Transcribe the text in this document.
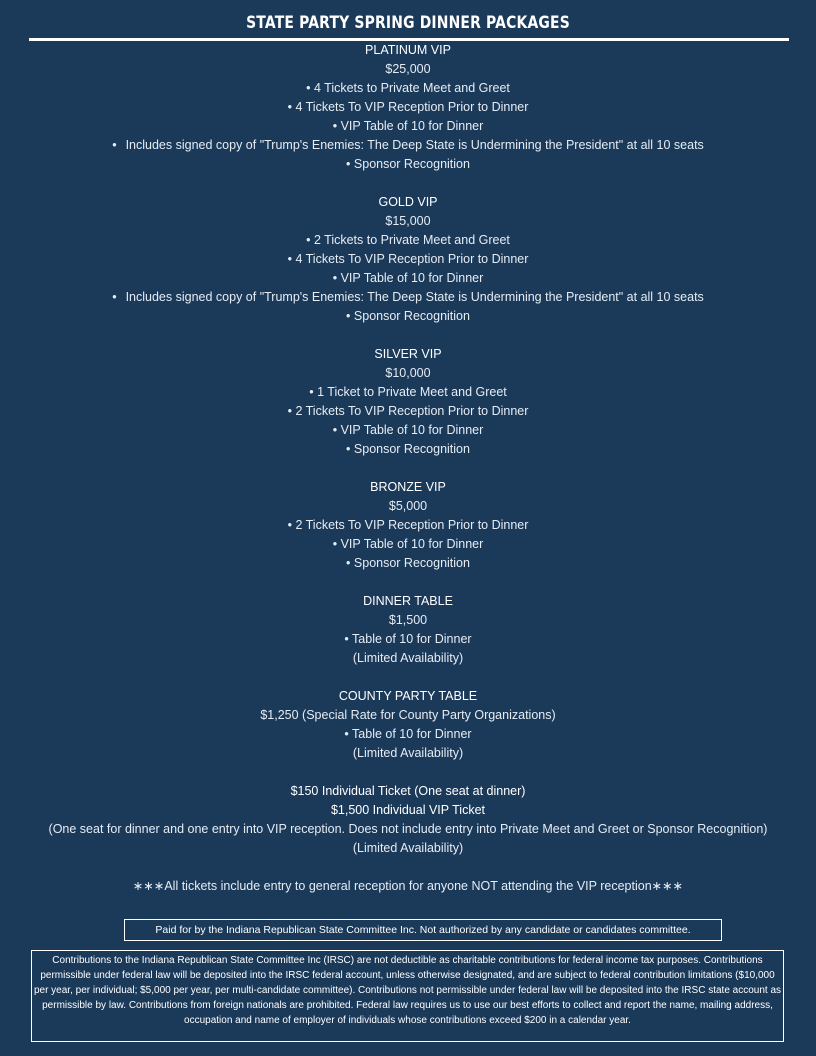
STATE PARTY SPRING DINNER PACKAGES
PLATINUM VIP
$25,000
• 4 Tickets to Private Meet and Greet
• 4 Tickets To VIP Reception Prior to Dinner
• VIP Table of 10 for Dinner
• Includes signed copy of "Trump's Enemies: The Deep State is Undermining the President" at all 10 seats
• Sponsor Recognition
GOLD VIP
$15,000
• 2 Tickets to Private Meet and Greet
• 4 Tickets To VIP Reception Prior to Dinner
• VIP Table of 10 for Dinner
• Includes signed copy of "Trump's Enemies: The Deep State is Undermining the President" at all 10 seats
• Sponsor Recognition
SILVER VIP
$10,000
• 1 Ticket to Private Meet and Greet
• 2 Tickets To VIP Reception Prior to Dinner
• VIP Table of 10 for Dinner
• Sponsor Recognition
BRONZE VIP
$5,000
• 2 Tickets To VIP Reception Prior to Dinner
• VIP Table of 10 for Dinner
• Sponsor Recognition
DINNER TABLE
$1,500
• Table of 10 for Dinner
(Limited Availability)
COUNTY PARTY TABLE
$1,250 (Special Rate for County Party Organizations)
• Table of 10 for Dinner
(Limited Availability)
$150 Individual Ticket (One seat at dinner)
$1,500 Individual VIP Ticket
(One seat for dinner and one entry into VIP reception. Does not include entry into Private Meet and Greet or Sponsor Recognition)
(Limited Availability)
∗∗∗All tickets include entry to general reception for anyone NOT attending the VIP reception∗∗∗
Paid for by the Indiana Republican State Committee Inc. Not authorized by any candidate or candidates committee.
Contributions to the Indiana Republican State Committee Inc (IRSC) are not deductible as charitable contributions for federal income tax purposes. Contributions permissible under federal law will be deposited into the IRSC federal account, unless otherwise designated, and are subject to federal contribution limitations ($10,000 per year, per individual; $5,000 per year, per multi-candidate committee). Contributions not permissible under federal law will be deposited into the IRSC state account as permissible by law. Contributions from foreign nationals are prohibited. Federal law requires us to use our best efforts to collect and report the name, mailing address, occupation and name of employer of individuals whose contributions exceed $200 in a calendar year.
